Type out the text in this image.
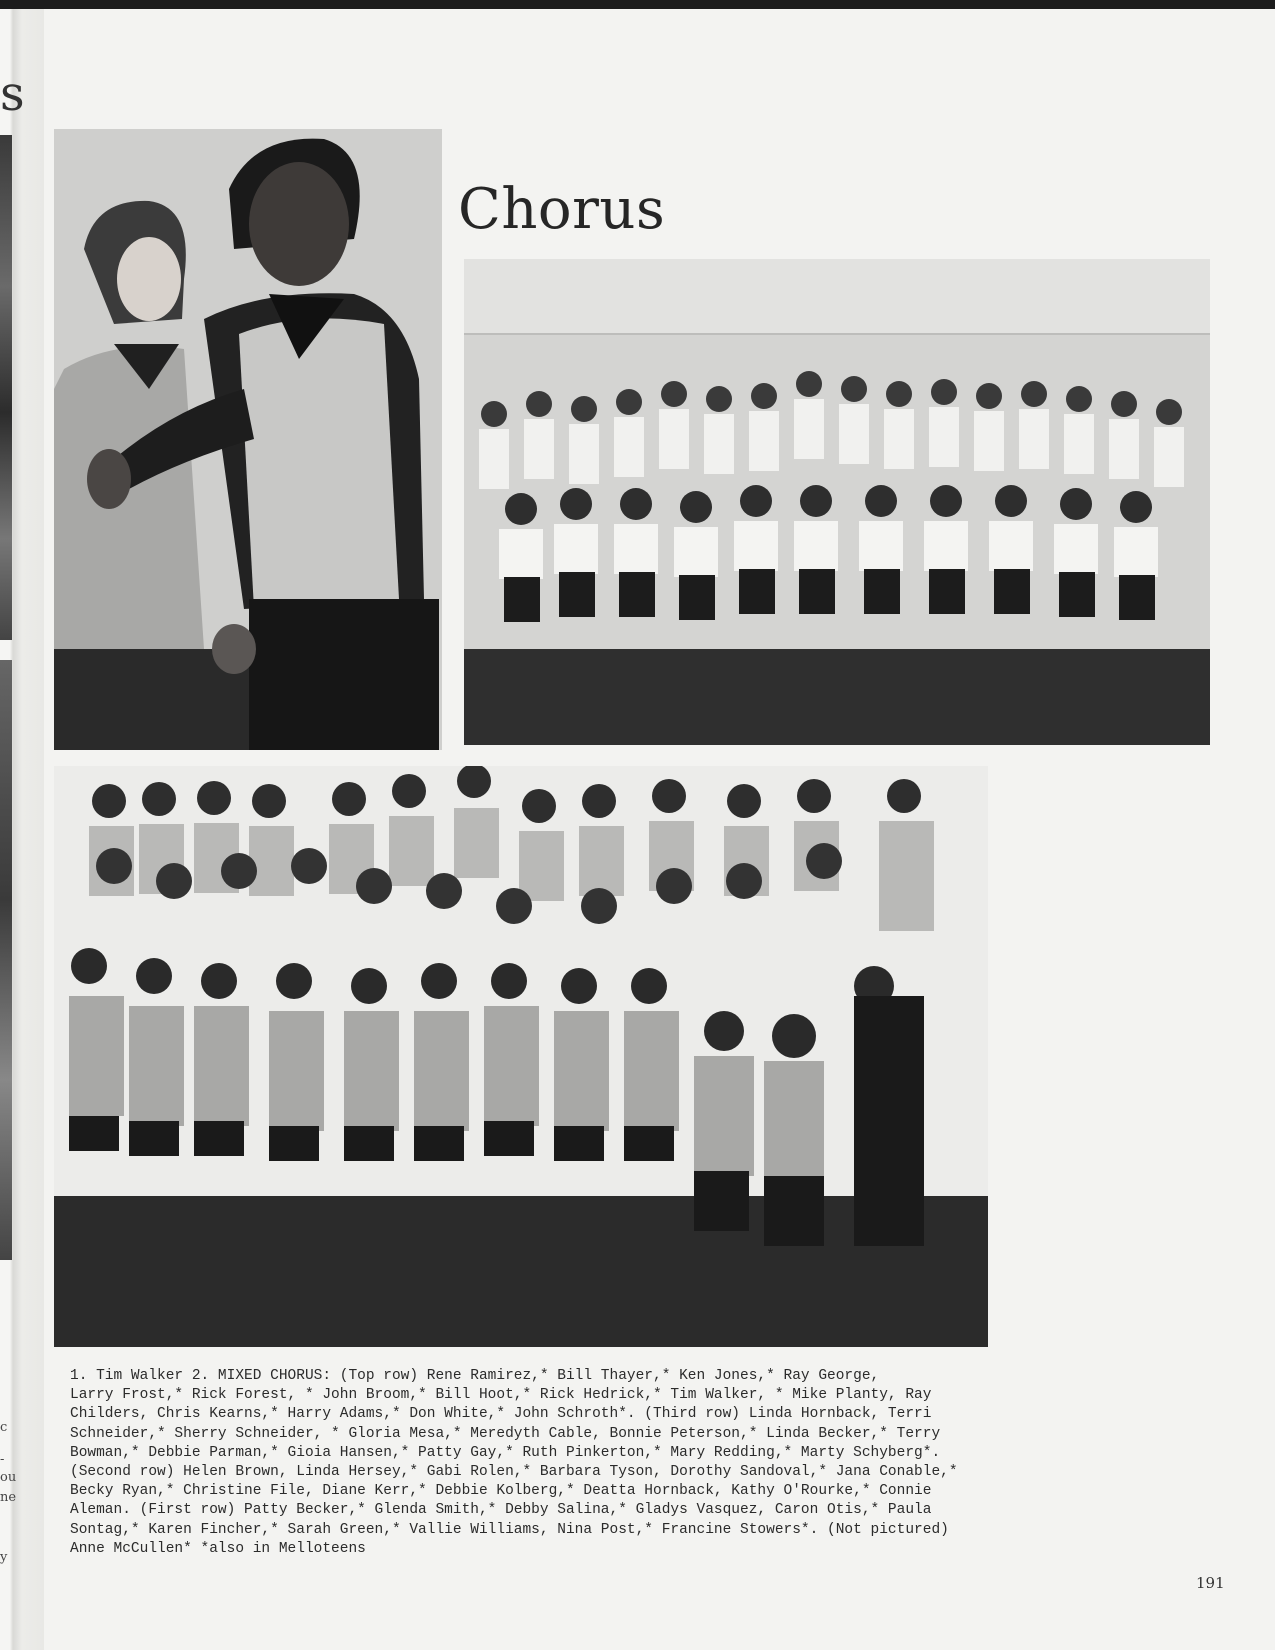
s
c
-
ou
ne
y
Chorus

1. Tim Walker 2. MIXED CHORUS: (Top row) Rene Ramirez,* Bill Thayer,* Ken Jones,* Ray George,
Larry Frost,* Rick Forest, * John Broom,* Bill Hoot,* Rick Hedrick,* Tim Walker, * Mike Planty, Ray
Childers, Chris Kearns,* Harry Adams,* Don White,* John Schroth*. (Third row) Linda Hornback, Terri
Schneider,* Sherry Schneider, * Gloria Mesa,* Meredyth Cable, Bonnie Peterson,* Linda Becker,* Terry
Bowman,* Debbie Parman,* Gioia Hansen,* Patty Gay,* Ruth Pinkerton,* Mary Redding,* Marty Schyberg*.
(Second row) Helen Brown, Linda Hersey,* Gabi Rolen,* Barbara Tyson, Dorothy Sandoval,* Jana Conable,*
Becky Ryan,* Christine File, Diane Kerr,* Debbie Kolberg,* Deatta Hornback, Kathy O'Rourke,* Connie
Aleman. (First row) Patty Becker,* Glenda Smith,* Debby Salina,* Gladys Vasquez, Caron Otis,* Paula
Sontag,* Karen Fincher,* Sarah Green,* Vallie Williams, Nina Post,* Francine Stowers*. (Not pictured)
Anne McCullen* *also in Melloteens

191
